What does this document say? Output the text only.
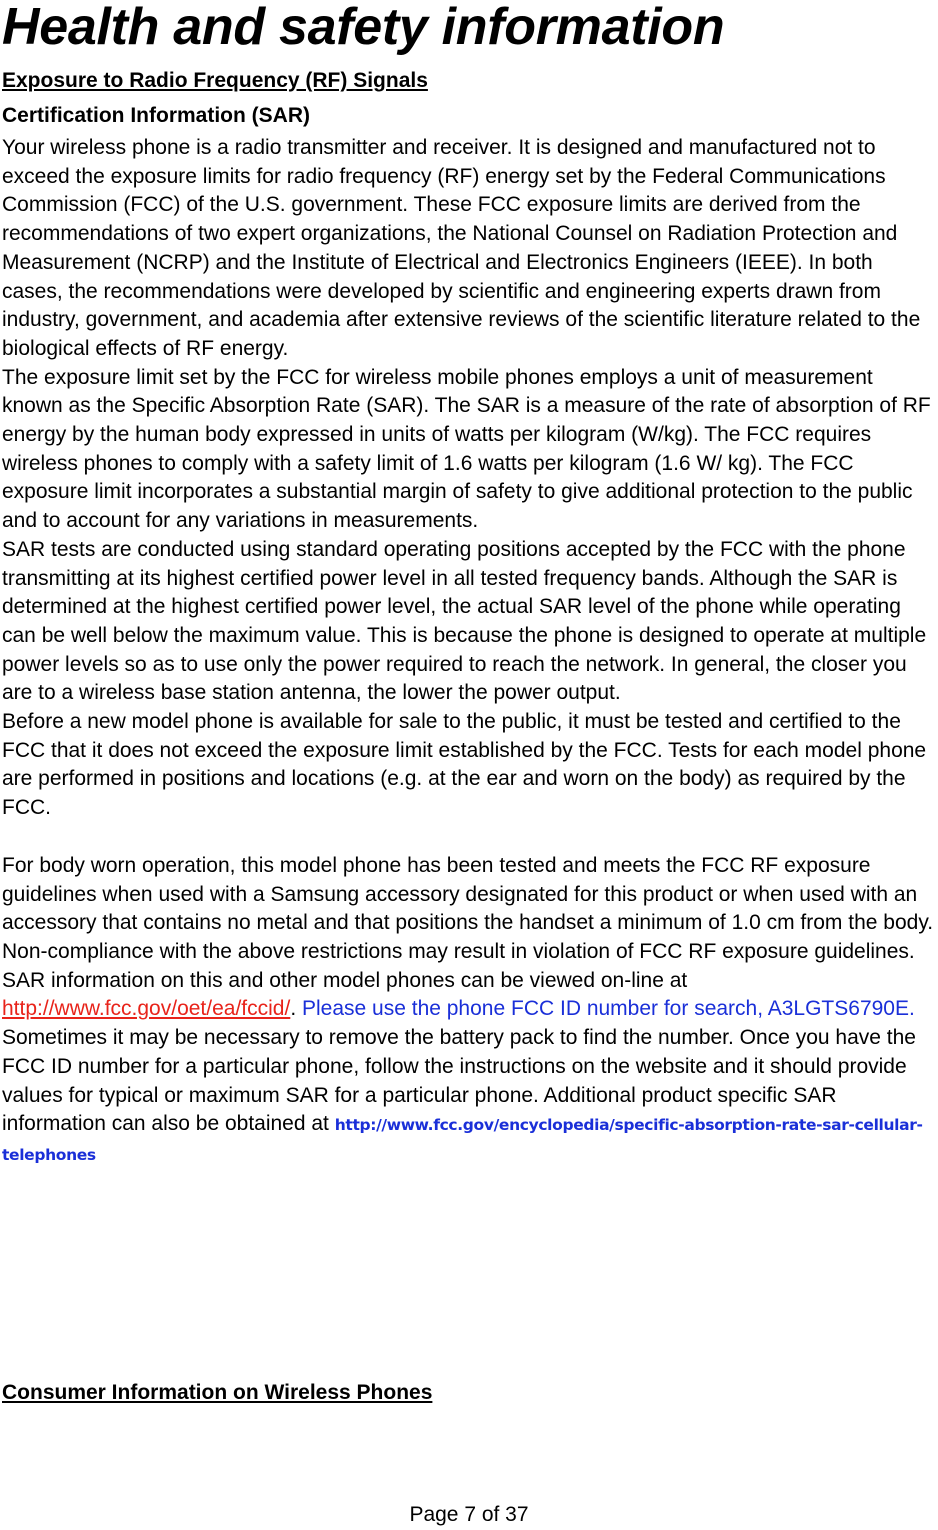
Health and safety information
Exposure to Radio Frequency (RF) Signals
Certification Information (SAR)

Your wireless phone is a radio transmitter and receiver. It is designed and manufactured not to exceed the exposure limits for radio frequency (RF) energy set by the Federal Communications Commission (FCC) of the U.S. government. These FCC exposure limits are derived from the recommendations of two expert organizations, the National Counsel on Radiation Protection and Measurement (NCRP) and the Institute of Electrical and Electronics Engineers (IEEE). In both cases, the recommendations were developed by scientific and engineering experts drawn from industry, government, and academia after extensive reviews of the scientific literature related to the biological effects of RF energy.

The exposure limit set by the FCC for wireless mobile phones employs a unit of measurement known as the Specific Absorption Rate (SAR). The SAR is a measure of the rate of absorption of RF energy by the human body expressed in units of watts per kilogram (W/kg). The FCC requires wireless phones to comply with a safety limit of 1.6 watts per kilogram (1.6 W/ kg). The FCC exposure limit incorporates a substantial margin of safety to give additional protection to the public and to account for any variations in measurements.

SAR tests are conducted using standard operating positions accepted by the FCC with the phone transmitting at its highest certified power level in all tested frequency bands. Although the SAR is determined at the highest certified power level, the actual SAR level of the phone while operating can be well below the maximum value. This is because the phone is designed to operate at multiple power levels so as to use only the power required to reach the network. In general, the closer you are to a wireless base station antenna, the lower the power output.

Before a new model phone is available for sale to the public, it must be tested and certified to the FCC that it does not exceed the exposure limit established by the FCC. Tests for each model phone are performed in positions and locations (e.g. at the ear and worn on the body) as required by the FCC.

For body worn operation, this model phone has been tested and meets the FCC RF exposure guidelines when used with a Samsung accessory designated for this product or when used with an accessory that contains no metal and that positions the handset a minimum of 1.0 cm from the body.

Non-compliance with the above restrictions may result in violation of FCC RF exposure guidelines.

SAR information on this and other model phones can be viewed on-line at http://www.fcc.gov/oet/ea/fccid/. Please use the phone FCC ID number for search, A3LGTS6790E. Sometimes it may be necessary to remove the battery pack to find the number. Once you have the FCC ID number for a particular phone, follow the instructions on the website and it should provide values for typical or maximum SAR for a particular phone. Additional product specific SAR information can also be obtained at http://www.fcc.gov/encyclopedia/specific-absorption-rate-sar-cellular-telephones

Consumer Information on Wireless Phones
Page 7 of 37
